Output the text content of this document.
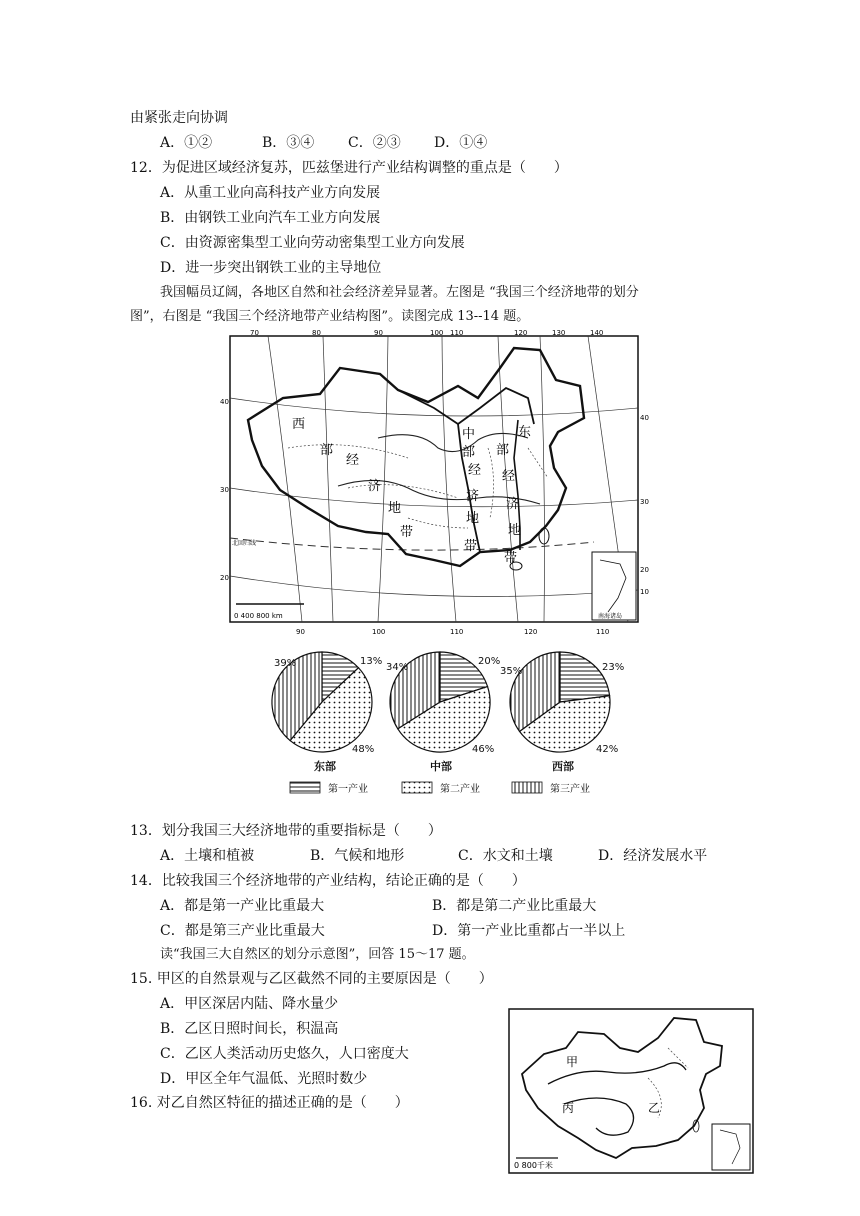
由紧张走向协调
A．①②	B．③④ C．②③ D．①④
12．为促进区域经济复苏，匹兹堡进行产业结构调整的重点是（　　）
A．从重工业向高科技产业方向发展
B．由钢铁工业向汽车工业方向发展
C．由资源密集型工业向劳动密集型工业方向发展
D．进一步突出钢铁工业的主导地位
我国幅员辽阔，各地区自然和社会经济差异显著。左图是 “我国三个经济地带的划分
图”，右图是 “我国三个经济地带产业结构图”。读图完成 13--14 题。
南海诸岛
70	80	90	100 110	120	130	140
90	100	110	120	110
40
30
20
40
30
20
10
北回归线
0 400 800 km
西
部
经
济
地
带
中
部
经
济
地
带
东
部
经
济
地
带
39%	13%
48%
34%
20%
46%
35%	23%
42%
东部	中部	西部
第一产业	第二产业	第三产业
13．划分我国三大经济地带的重要指标是（　　）
A．土壤和植被	B．气候和地形	C．水文和土壤	D．经济发展水平
14．比较我国三个经济地带的产业结构，结论正确的是（　　）
A．都是第一产业比重最大	B．都是第二产业比重最大
C．都是第三产业比重最大	D．第一产业比重都占一半以上
读“我国三大自然区的划分示意图”，回答 15～17 题。
15. 甲区的自然景观与乙区截然不同的主要原因是（　　）
A．甲区深居内陆、降水量少
B．乙区日照时间长，积温高
C．乙区人类活动历史悠久，人口密度大
D．甲区全年气温低、光照时数少
16. 对乙自然区特征的描述正确的是（　　）
甲
丙	乙
0 800千米
